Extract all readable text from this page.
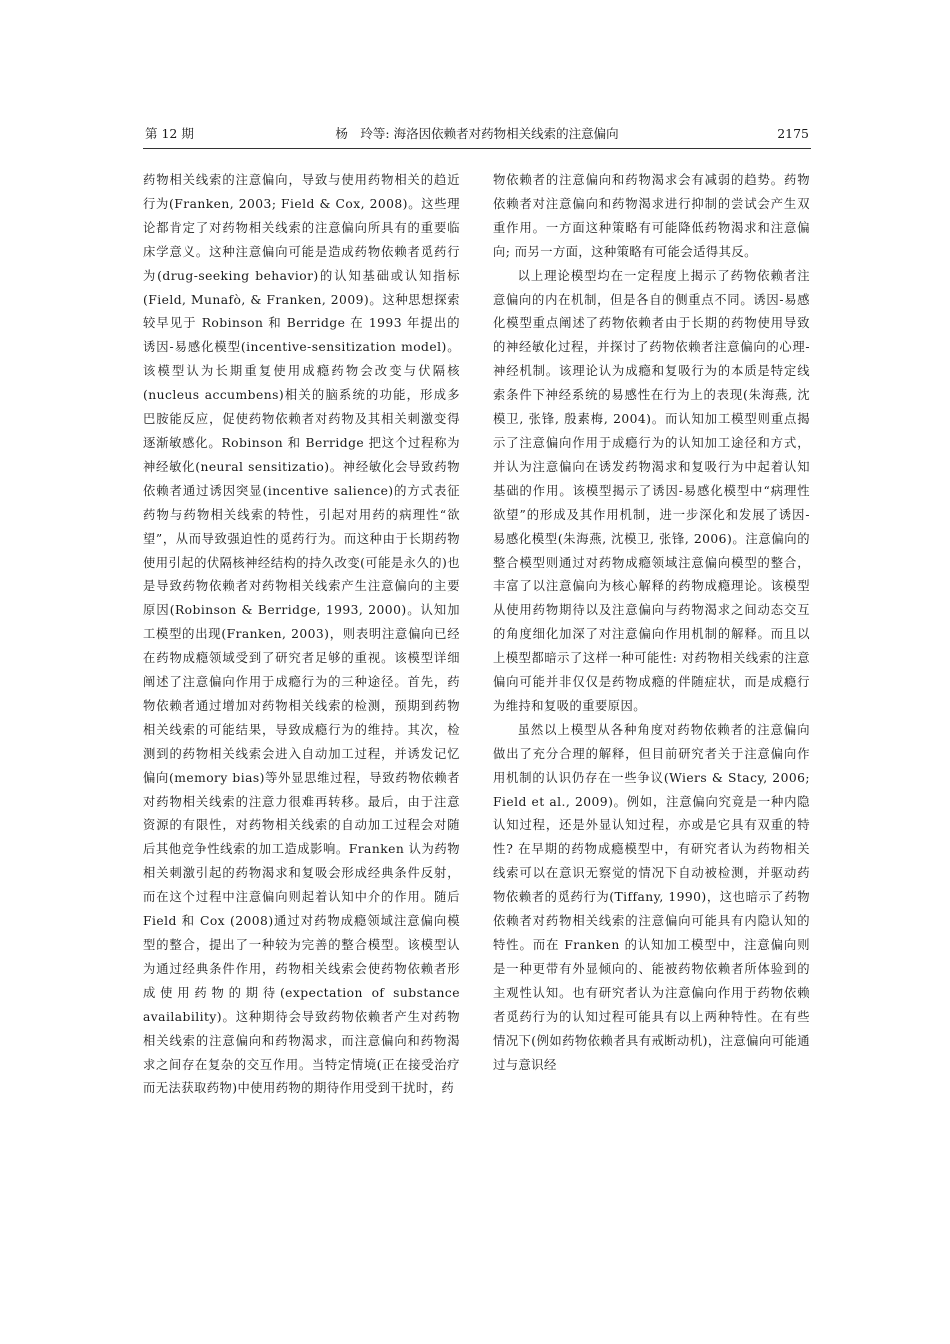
第 12 期	杨　玲等: 海洛因依赖者对药物相关线索的注意偏向	2175

药物相关线索的注意偏向，导致与使用药物相关的趋近行为(Franken, 2003; Field & Cox, 2008)。这些理论都肯定了对药物相关线索的注意偏向所具有的重要临床学意义。这种注意偏向可能是造成药物依赖者觅药行为(drug-seeking behavior)的认知基础或认知指标(Field, Munafò, & Franken, 2009)。这种思想探索较早见于 Robinson 和 Berridge 在 1993 年提出的诱因-易感化模型(incentive-sensitization model)。该模型认为长期重复使用成瘾药物会改变与伏隔核(nucleus accumbens)相关的脑系统的功能，形成多巴胺能反应，促使药物依赖者对药物及其相关刺激变得逐渐敏感化。Robinson 和 Berridge 把这个过程称为神经敏化(neural sensitizatio)。神经敏化会导致药物依赖者通过诱因突显(incentive salience)的方式表征药物与药物相关线索的特性，引起对用药的病理性“欲望”，从而导致强迫性的觅药行为。而这种由于长期药物使用引起的伏隔核神经结构的持久改变(可能是永久的)也是导致药物依赖者对药物相关线索产生注意偏向的主要原因(Robinson & Berridge, 1993, 2000)。认知加工模型的出现(Franken, 2003)，则表明注意偏向已经在药物成瘾领域受到了研究者足够的重视。该模型详细阐述了注意偏向作用于成瘾行为的三种途径。首先，药物依赖者通过增加对药物相关线索的检测，预期到药物相关线索的可能结果，导致成瘾行为的维持。其次，检测到的药物相关线索会进入自动加工过程，并诱发记忆偏向(memory bias)等外显思维过程，导致药物依赖者对药物相关线索的注意力很难再转移。最后，由于注意资源的有限性，对药物相关线索的自动加工过程会对随后其他竞争性线索的加工造成影响。Franken 认为药物相关刺激引起的药物渴求和复吸会形成经典条件反射，而在这个过程中注意偏向则起着认知中介的作用。随后 Field 和 Cox (2008)通过对药物成瘾领域注意偏向模型的整合，提出了一种较为完善的整合模型。该模型认为通过经典条件作用，药物相关线索会使药物依赖者形成使用药物的期待(expectation of substance availability)。这种期待会导致药物依赖者产生对药物相关线索的注意偏向和药物渴求，而注意偏向和药物渴求之间存在复杂的交互作用。当特定情境(正在接受治疗而无法获取药物)中使用药物的期待作用受到干扰时，药

物依赖者的注意偏向和药物渴求会有减弱的趋势。药物依赖者对注意偏向和药物渴求进行抑制的尝试会产生双重作用。一方面这种策略有可能降低药物渴求和注意偏向; 而另一方面，这种策略有可能会适得其反。

以上理论模型均在一定程度上揭示了药物依赖者注意偏向的内在机制，但是各自的侧重点不同。诱因-易感化模型重点阐述了药物依赖者由于长期的药物使用导致的神经敏化过程，并探讨了药物依赖者注意偏向的心理-神经机制。该理论认为成瘾和复吸行为的本质是特定线索条件下神经系统的易感性在行为上的表现(朱海燕, 沈模卫, 张锋, 殷素梅, 2004)。而认知加工模型则重点揭示了注意偏向作用于成瘾行为的认知加工途径和方式，并认为注意偏向在诱发药物渴求和复吸行为中起着认知基础的作用。该模型揭示了诱因-易感化模型中“病理性欲望”的形成及其作用机制，进一步深化和发展了诱因-易感化模型(朱海燕, 沈模卫, 张锋, 2006)。注意偏向的整合模型则通过对药物成瘾领域注意偏向模型的整合，丰富了以注意偏向为核心解释的药物成瘾理论。该模型从使用药物期待以及注意偏向与药物渴求之间动态交互的角度细化加深了对注意偏向作用机制的解释。而且以上模型都暗示了这样一种可能性: 对药物相关线索的注意偏向可能并非仅仅是药物成瘾的伴随症状，而是成瘾行为维持和复吸的重要原因。

虽然以上模型从各种角度对药物依赖者的注意偏向做出了充分合理的解释，但目前研究者关于注意偏向作用机制的认识仍存在一些争议(Wiers & Stacy, 2006; Field et al., 2009)。例如，注意偏向究竟是一种内隐认知过程，还是外显认知过程，亦或是它具有双重的特性? 在早期的药物成瘾模型中，有研究者认为药物相关线索可以在意识无察觉的情况下自动被检测，并驱动药物依赖者的觅药行为(Tiffany, 1990)，这也暗示了药物依赖者对药物相关线索的注意偏向可能具有内隐认知的特性。而在 Franken 的认知加工模型中，注意偏向则是一种更带有外显倾向的、能被药物依赖者所体验到的主观性认知。也有研究者认为注意偏向作用于药物依赖者觅药行为的认知过程可能具有以上两种特性。在有些情况下(例如药物依赖者具有戒断动机)，注意偏向可能通过与意识经
